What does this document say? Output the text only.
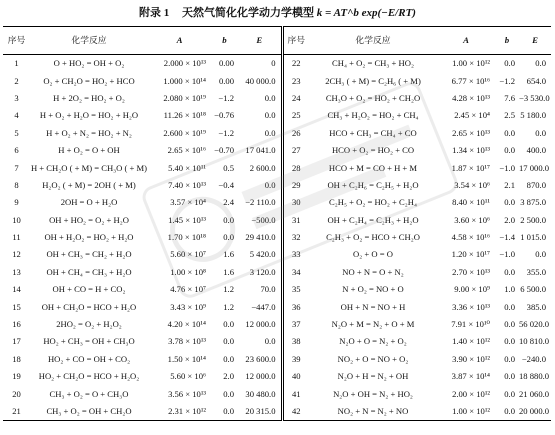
附录 1 天然气简化化学动力学模型 k = AT^b exp(−E/RT)
序号	化学反应	A	b	E	序号	化学反应	A	b	E
1	O + HO₂ = OH + O₂	2.000 × 10¹³	0.00	0	22	CH₄ + O₂ = CH₃ + HO₂	1.00 × 10¹²	0.0	0.0
2	O₂ + CH₂O = HO₂ + HCO	1.000 × 10¹⁴	0.00	40 000.0	23	2CH₃ ( + M) = C₂H₆ ( + M)	6.77 × 10¹⁶	−1.2	654.0
3	H + 2O₂ = HO₂ + O₂	2.080 × 10¹⁹	−1.2	0.0	24	CH₃O + O₂ = HO₂ + CH₂O	4.28 × 10¹³	7.6	−3 530.0
4	H + O₂ + H₂O = HO₂ + H₂O	11.26 × 10¹⁸	−0.76	0.0	25	CH₃ + H₂O₂ = HO₂ + CH₄	2.45 × 10⁴	2.5	5 180.0
5	H + O₂ + N₂ = HO₂ + N₂	2.600 × 10¹⁹	−1.2	0.0	26	HCO + CH₃ = CH₄ + CO	2.65 × 10¹³	0.0	0.0
6	H + O₂ = O + OH	2.65 × 10¹⁶	−0.70	17 041.0	27	HCO + O₂ = HO₂ + CO	1.34 × 10¹³	0.0	400.0
7	H + CH₂O ( + M) = CH₃O ( + M)	5.40 × 10¹¹	0.5	2 600.0	28	HCO + M = CO + H + M	1.87 × 10¹⁷	−1.0	17 000.0
8	H₂O₂ ( + M) = 2OH ( + M)	7.40 × 10¹³	−0.4	0.0	29	OH + C₂H₆ = C₂H₅ + H₂O	3.54 × 10⁶	2.1	870.0
9	2OH = O + H₂O	3.57 × 10⁴	2.4	−2 110.0	30	C₂H₅ + O₂ = HO₂ + C₂H₄	8.40 × 10¹¹	0.0	3 875.0
10	OH + HO₂ = O₂ + H₂O	1.45 × 10¹³	0.0	−500.0	31	OH + C₂H₄ = C₂H₃ + H₂O	3.60 × 10⁶	2.0	2 500.0
11	OH + H₂O₂ = HO₂ + H₂O	1.70 × 10¹⁸	0.0	29 410.0	32	C₂H₃ + O₂ = HCO + CH₂O	4.58 × 10¹⁶	−1.4	1 015.0
12	OH + CH₃ = CH₂ + H₂O	5.60 × 10⁷	1.6	5 420.0	33	O₂ + O = O	1.20 × 10¹⁷	−1.0	0.0
13	OH + CH₄ = CH₃ + H₂O	1.00 × 10⁸	1.6	3 120.0	34	NO + N = O + N₂	2.70 × 10¹³	0.0	355.0
14	OH + CO = H + CO₂	4.76 × 10⁷	1.2	70.0	35	N + O₂ = NO + O	9.00 × 10⁹	1.0	6 500.0
15	OH + CH₂O = HCO + H₂O	3.43 × 10⁹	1.2	−447.0	36	OH + N = NO + H	3.36 × 10¹³	0.0	385.0
16	2HO₂ = O₂ + H₂O₂	4.20 × 10¹⁴	0.0	12 000.0	37	N₂O + M = N₂ + O + M	7.91 × 10¹⁰	0.0	56 020.0
17	HO₂ + CH₃ = OH + CH₃O	3.78 × 10¹³	0.0	0.0	38	N₂O + O = N₂ + O₂	1.40 × 10¹²	0.0	10 810.0
18	HO₂ + CO = OH + CO₂	1.50 × 10¹⁴	0.0	23 600.0	39	NO₂ + O = NO + O₂	3.90 × 10¹²	0.0	−240.0
19	HO₂ + CH₂O = HCO + H₂O₂	5.60 × 10⁶	2.0	12 000.0	40	N₂O + H = N₂ + OH	3.87 × 10¹⁴	0.0	18 880.0
20	CH₃ + O₂ = O + CH₃O	3.56 × 10¹³	0.0	30 480.0	41	N₂O + OH = N₂ + HO₂	2.00 × 10¹²	0.0	21 060.0
21	CH₃ + O₂ = OH + CH₂O	2.31 × 10¹²	0.0	20 315.0	42	NO₂ + N = N₂ + NO	1.00 × 10¹²	0.0	20 000.0
